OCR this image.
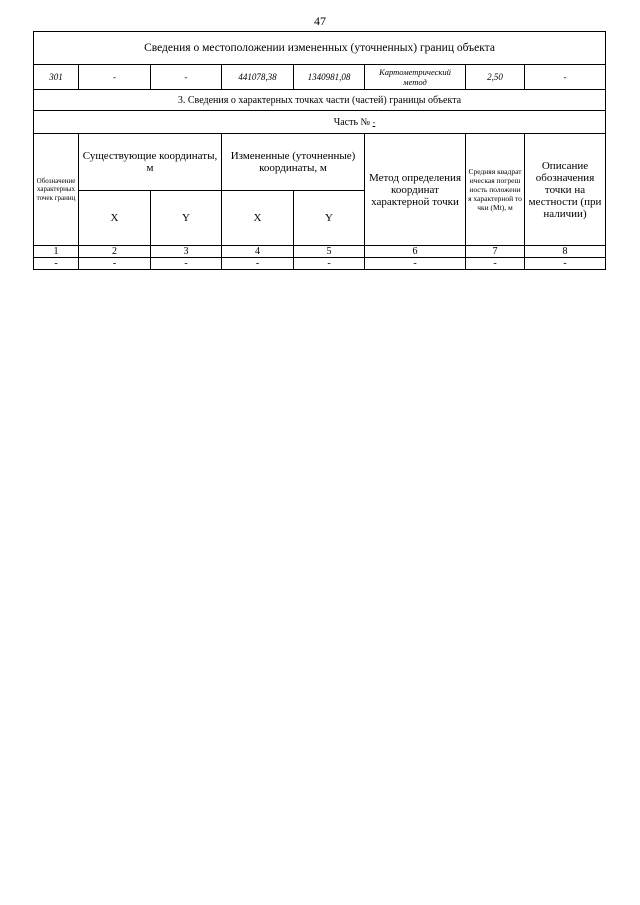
47
Сведения о местоположении измененных (уточненных) границ объекта							
301	-	-	441078,38	1340981,08	Картометрический метод	2,50	-
3. Сведения о характерных точках части (частей) границы объекта							
Часть № -							
Обозначение характерных точек границ	Существующие координаты, м		Измененные (уточненные) координаты, м		Метод определения координат характерной точки	Средняя квадратическая погрешность положения характерной точки (Mt), м	Описание обозначения точки на местности (при наличии)
	X	Y	X	Y			
1	2	3	4	5	6	7	8
-	-	-	-	-	-	-	-
